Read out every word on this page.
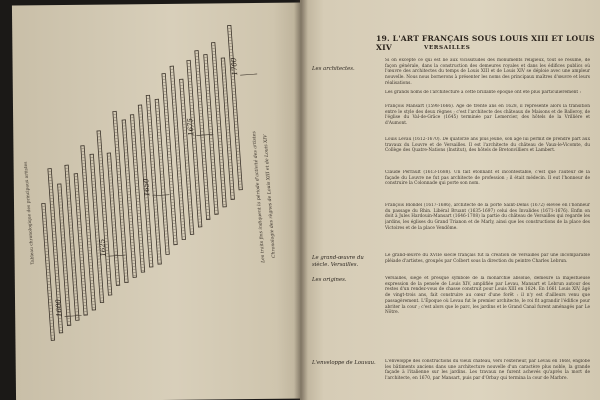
1600
1625
1650
1675
1700
Les traits fins indiquent la période d'activité des artistes
Chronologie des règnes de Louis XIII et de Louis XIV
Tableau chronologique des principaux artistes
19. L'ART FRANÇAIS SOUS LOUIS XIII ET LOUIS XIV	VERSAILLES
Les architectes.
Le grand-œuvre du siècle. Versailles.
Les origines.
L'enveloppe de Louvau.
Si on excepte ce qui est lié aux vicissitudes des monuments religieux, tout se résume, de façon générale, dans la construction des demeures royales et dans les édifices publics où l'œuvre des architectes du temps de Louis XIII et de Louis XIV se déploie avec une ampleur nouvelle. Nous nous bornerons à présenter les noms des principaux maîtres d'œuvre et leurs réalisations.
Les grands noms de l'architecture à cette brillante époque ont été plus particulièrement :
François Mansart (1598-1666). Agé de trente ans en 1628, il représente alors la transition entre le style des deux règnes ; c'est l'architecte des châteaux de Maisons et de Balleroy, de l'église du Val-de-Grâce (1645) terminée par Lemercier, des hôtels de la Vrillière et d'Aumont.
Louis Levau (1612-1670). De quatorze ans plus jeune, son âge lui permit de prendre part aux travaux du Louvre et de Versailles. Il est l'architecte du château de Vaux-le-Vicomte, du Collège des Quatre-Nations (Institut), des hôtels de Bretonvilliers et Lambert.
Claude Perrault (1613-1688). Un fait étonnant et incontestable, c'est que l'auteur de la façade du Louvre ne fut pas architecte de profession ; il était médecin. Il eut l'honneur de construire la Colonnade qui porte son nom.
François Blondel (1617-1686), architecte de la porte Saint-Denis (1672) élevée en l'honneur du passage du Rhin. Libéral Bruant (1635-1697) celui des Invalides (1671-1676). Enfin on doit à Jules Hardouin-Mansart (1646-1708) la partie du château de Versailles qui regarde les jardins, les églises du Grand Trianon et de Marly, ainsi que les constructions de la place des Victoires et de la place Vendôme.
Le grand-œuvre du XVIIe siècle français fut la création de Versailles par une incomparable pléiade d'artistes, groupés par Colbert sous la direction du peintre Charles Lebrun.
Versailles, siège et presque symbole de la monarchie absolue, demeure la majestueuse expression de la pensée de Louis XIV, amplifiée par Levau, Mansart et Lebrun autour des restes d'un rendez-vous de chasse construit pour Louis XIII en 1624. En 1661 Louis XIV, âgé de vingt-trois ans, fait construire au cœur d'une forêt : il n'y est d'ailleurs venu que passagèrement. L'Époque où Levau fut le premier architecte, le roi fit agrandir l'édifice pour abriter la cour ; c'est alors que le parc, les jardins et le Grand Canal furent aménagés par Le Nôtre.
L'enveloppe des constructions du vieux château, vers l'extérieur, par Levau en 1668, englobe les bâtiments anciens dans une architecture nouvelle d'un caractère plus noble, la grande façade à l'italienne sur les jardins. Les travaux ne furent achevés qu'après la mort de l'architecte, en 1670, par Mansart, puis par d'Orbay qui termina la cour de Marbre.
